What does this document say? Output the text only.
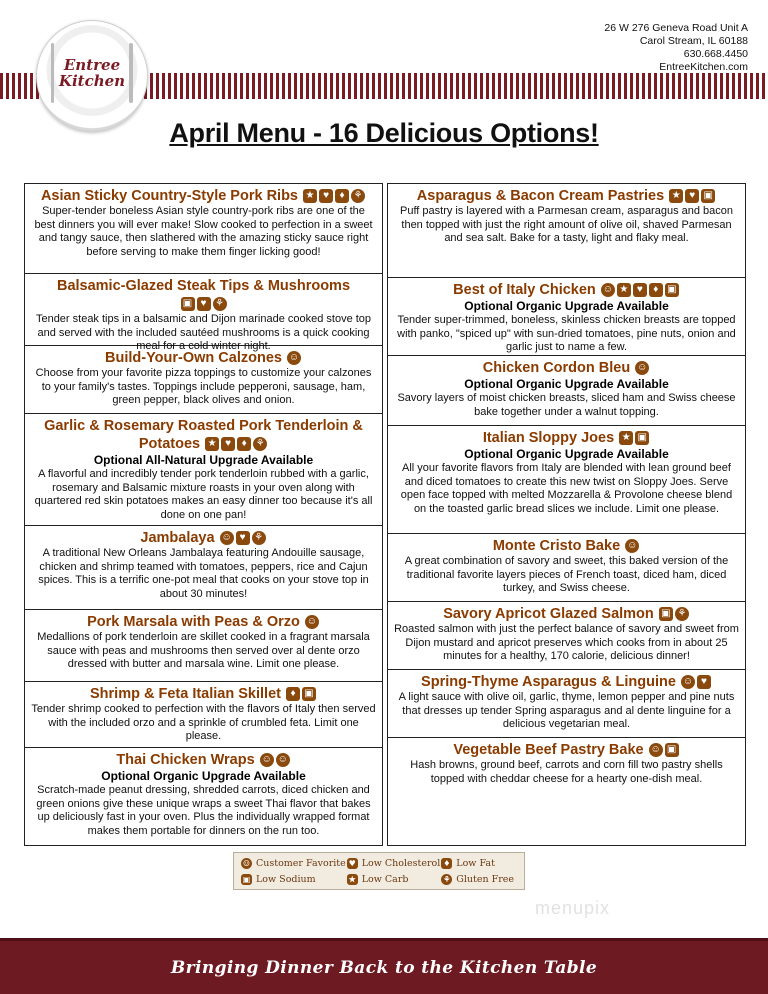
Entree
Kitchen
26 W 276 Geneva Road Unit A
Carol Stream, IL 60188
630.668.4450
EntreeKitchen.com
April Menu - 16 Delicious Options!
Asian Sticky Country-Style Pork Ribs ★ ♥ ♦ ⚘
Super-tender boneless Asian style country-pork ribs are one of the best dinners you will ever make! Slow cooked to perfection in a sweet and tangy sauce, then slathered with the amazing sticky sauce right before serving to make them finger licking good!
Balsamic-Glazed Steak Tips & Mushrooms ▣ ♥ ⚘
Tender steak tips in a balsamic and Dijon marinade cooked stove top and served with the included sautéed mushrooms is a quick cooking meal for a cold winter night.
Build-Your-Own Calzones ☺
Choose from your favorite pizza toppings to customize your calzones to your family's tastes. Toppings include pepperoni, sausage, ham, green pepper, black olives and onion.
Garlic & Rosemary Roasted Pork Tenderloin & Potatoes ★ ♥ ♦ ⚘
Optional All-Natural Upgrade Available
A flavorful and incredibly tender pork tenderloin rubbed with a garlic, rosemary and Balsamic mixture roasts in your oven along with quartered red skin potatoes makes an easy dinner too because it's all done on one pan!
Jambalaya ☺ ♥ ⚘
A traditional New Orleans Jambalaya featuring Andouille sausage, chicken and shrimp teamed with tomatoes, peppers, rice and Cajun spices. This is a terrific one-pot meal that cooks on your stove top in about 30 minutes!
Pork Marsala with Peas & Orzo ☺
Medallions of pork tenderloin are skillet cooked in a fragrant marsala sauce with peas and mushrooms then served over al dente orzo dressed with butter and marsala wine. Limit one please.
Shrimp & Feta Italian Skillet ♦ ▣
Tender shrimp cooked to perfection with the flavors of Italy then served with the included orzo and a sprinkle of crumbled feta. Limit one please.
Thai Chicken Wraps ☺ ☺
Optional Organic Upgrade Available
Scratch-made peanut dressing, shredded carrots, diced chicken and green onions give these unique wraps a sweet Thai flavor that bakes up deliciously fast in your oven. Plus the individually wrapped format makes them portable for dinners on the run too.
Asparagus & Bacon Cream Pastries ★ ♥ ▣
Puff pastry is layered with a Parmesan cream, asparagus and bacon then topped with just the right amount of olive oil, shaved Parmesan and sea salt. Bake for a tasty, light and flaky meal.
Best of Italy Chicken ☺ ★ ♥ ♦ ▣
Optional Organic Upgrade Available
Tender super-trimmed, boneless, skinless chicken breasts are topped with panko, "spiced up" with sun-dried tomatoes, pine nuts, onion and garlic just to name a few.
Chicken Cordon Bleu ☺
Optional Organic Upgrade Available
Savory layers of moist chicken breasts, sliced ham and Swiss cheese bake together under a walnut topping.
Italian Sloppy Joes ★ ▣
Optional Organic Upgrade Available
All your favorite flavors from Italy are blended with lean ground beef and diced tomatoes to create this new twist on Sloppy Joes. Serve open face topped with melted Mozzarella & Provolone cheese blend on the toasted garlic bread slices we include. Limit one please.
Monte Cristo Bake ☺
A great combination of savory and sweet, this baked version of the traditional favorite layers pieces of French toast, diced ham, diced turkey, and Swiss cheese.
Savory Apricot Glazed Salmon ▣ ⚘
Roasted salmon with just the perfect balance of savory and sweet from Dijon mustard and apricot preserves which cooks from in about 25 minutes for a healthy, 170 calorie, delicious dinner!
Spring-Thyme Asparagus & Linguine ☺ ♥
A light sauce with olive oil, garlic, thyme, lemon pepper and pine nuts that dresses up tender Spring asparagus and al dente linguine for a delicious vegetarian meal.
Vegetable Beef Pastry Bake ☺ ▣
Hash browns, ground beef, carrots and corn fill two pastry shells topped with cheddar cheese for a hearty one-dish meal.
☺ Customer Favorite ♥ Low Cholesterol ♦ Low Fat
▣ Low Sodium	★ Low Carb	⚘ Gluten Free
menupix
Bringing Dinner Back to the Kitchen Table
